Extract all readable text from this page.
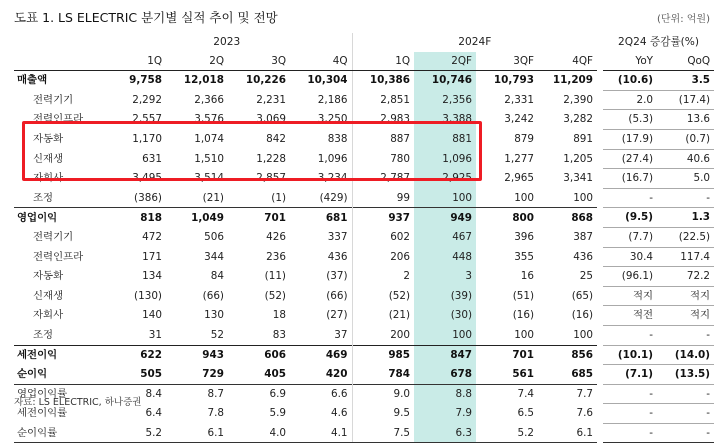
도표 1. LS ELECTRIC 분기별 실적 추이 및 전망	(단위: 억원)
	2023				2024F				2Q24 증감률(%)	
	1Q	2Q	3Q	4Q	1Q	2QF	3QF	4QF	YoY	QoQ
매출액	9,758	12,018	10,226	10,304	10,386	10,746	10,793	11,209	(10.6)	3.5
전력기기	2,292	2,366	2,231	2,186	2,851	2,356	2,331	2,390	2.0	(17.4)
전력인프라	2,557	3,576	3,069	3,250	2,983	3,388	3,242	3,282	(5.3)	13.6
자동화	1,170	1,074	842	838	887	881	879	891	(17.9)	(0.7)
신재생	631	1,510	1,228	1,096	780	1,096	1,277	1,205	(27.4)	40.6
자회사	3,495	3,514	2,857	3,234	2,787	2,925	2,965	3,341	(16.7)	5.0
조정	(386)	(21)	(1)	(429)	99	100	100	100	-	-
영업이익	818	1,049	701	681	937	949	800	868	(9.5)	1.3
전력기기	472	506	426	337	602	467	396	387	(7.7)	(22.5)
전력인프라	171	344	236	436	206	448	355	436	30.4	117.4
자동화	134	84	(11)	(37)	2	3	16	25	(96.1)	72.2
신재생	(130)	(66)	(52)	(66)	(52)	(39)	(51)	(65)	적지	적지
자회사	140	130	18	(27)	(21)	(30)	(16)	(16)	적전	적지
조정	31	52	83	37	200	100	100	100	-	-
세전이익	622	943	606	469	985	847	701	856	(10.1)	(14.0)
순이익	505	729	405	420	784	678	561	685	(7.1)	(13.5)
영업이익률	8.4	8.7	6.9	6.6	9.0	8.8	7.4	7.7	-	-
세전이익률	6.4	7.8	5.9	4.6	9.5	7.9	6.5	7.6	-	-
순이익률	5.2	6.1	4.0	4.1	7.5	6.3	5.2	6.1	-	-
자료: LS ELECTRIC, 하나증권
